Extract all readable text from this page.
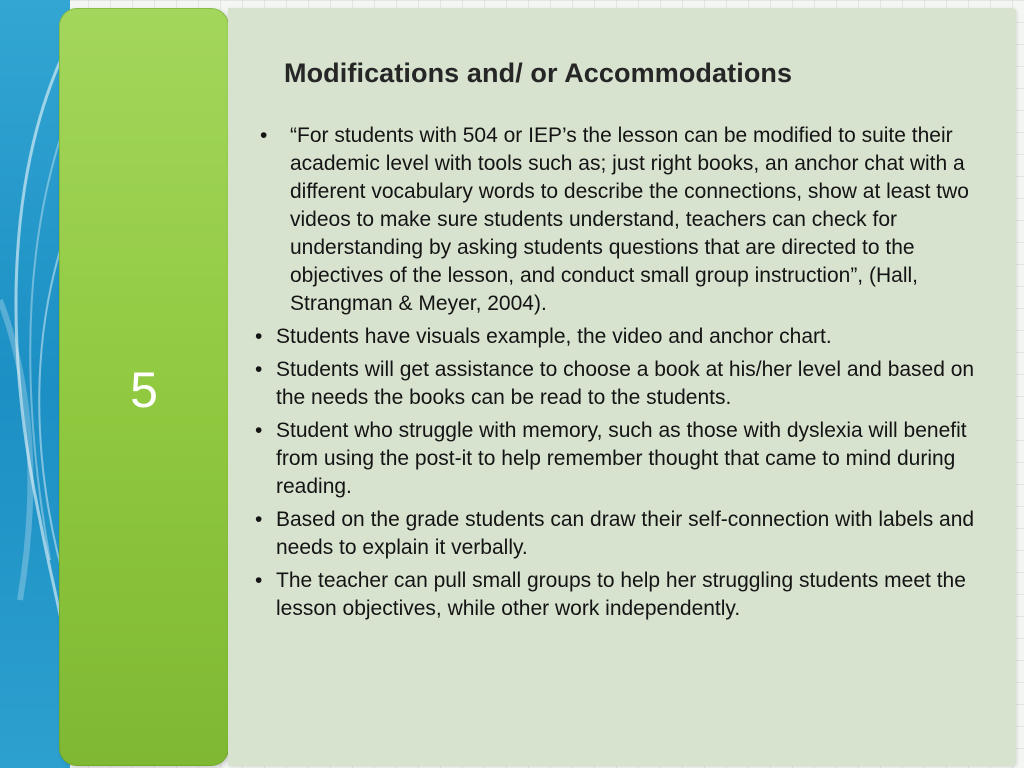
5
Modifications and/ or Accommodations
• “For students with 504 or IEP’s the lesson can be modified to suite their academic level with tools such as; just right books, an anchor chat with a different vocabulary words to describe the connections, show at least two videos to make sure students understand, teachers can check for understanding by asking students questions that are directed to the objectives of the lesson, and conduct small group instruction”, (Hall, Strangman & Meyer, 2004).
• Students have visuals example, the video and anchor chart.
• Students will get assistance to choose a book at his/her level and based on the needs the books can be read to the students.
• Student who struggle with memory, such as those with dyslexia will benefit from using the post-it to help remember thought that came to mind during reading.
• Based on the grade students can draw their self-connection with labels and needs to explain it verbally.
• The teacher can pull small groups to help her struggling students meet the lesson objectives, while other work independently.
